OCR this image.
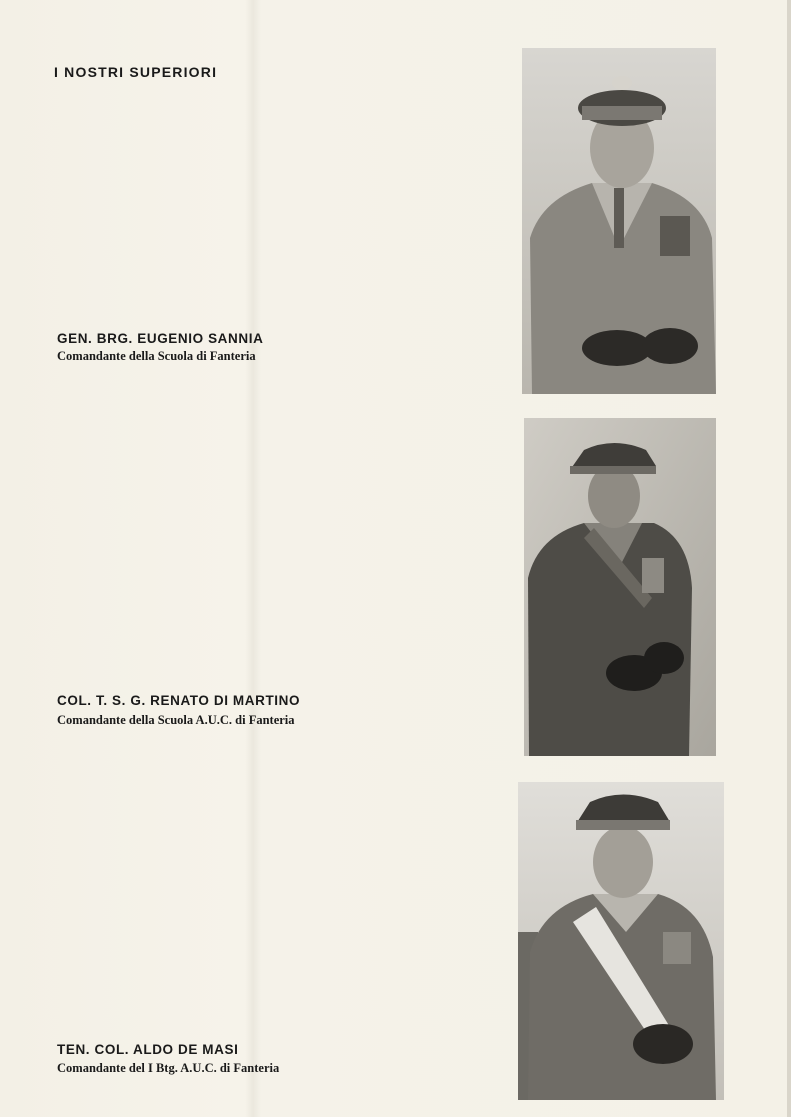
I NOSTRI SUPERIORI
GEN. BRG. EUGENIO SANNIA
Comandante della Scuola di Fanteria
COL. T. S. G. RENATO DI MARTINO
Comandante della Scuola A.U.C. di Fanteria
TEN. COL. ALDO DE MASI
Comandante del I Btg. A.U.C. di Fanteria
